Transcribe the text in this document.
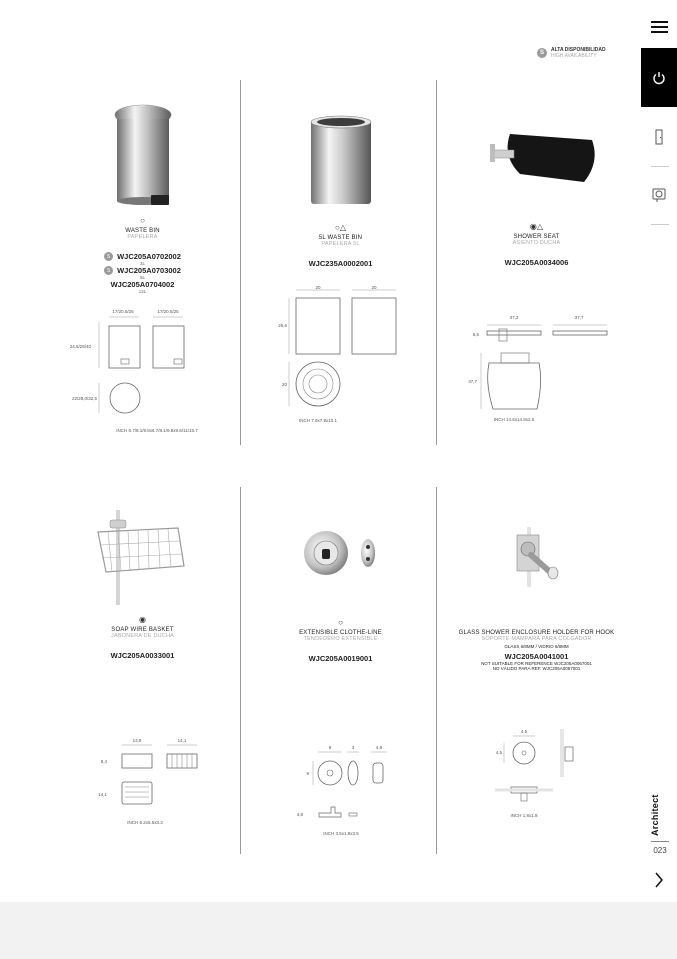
S	ALTA DISPONIBILIDAD
HIGH AVAILABILITY
○
WASTE BIN
PAPELERA
S WJC205A0702002
3L
S WJC205A0703002
5L
WJC205A0704002
12L
17/20,5/25	17/20,5/25
24,5/28/40
22/28,0/32,5
INCH 6.7/8.1/9.8x6.7/8.1/9.8x9.6/11/15.7
○△
5L WASTE BIN
PAPELERA 5L
WJC235A0002001
20	20
25,6
20
INCH 7.9x7.9x10.1
◉△
SHOWER SEAT
ASIENTO DUCHA
WJC205A0034006
37,2	37,7
6,5
37,7
INCH 14.6x14.8x2.5
◉
SOAP WIRE BASKET
JABONERA DE DUCHA
WJC205A0033001
13,8	14,1
8,4
14,1
INCH 6.2x5.5x3.3
○
EXTENSIBLE CLOTHE-LINE
TENDEDERO EXTENSIBLE
WJC205A0019001
9	3	4,8
9
4,8
INCH 3.5x1.9x3.5
GLASS SHOWER ENCLOSURE HOLDER FOR HOOK
SOPORTE MAMPARA PARA COLGADOR
GLASS 6/8MM / VIDRIO 6/8MM
WJC205A0041001
NOT SUITABLE FOR REFERENCE WJC205A0067001
NO VÁLIDO PARA REF. WJC205A0067001
4,5
4,5
INCH 1.8x1.8	Architect
023
